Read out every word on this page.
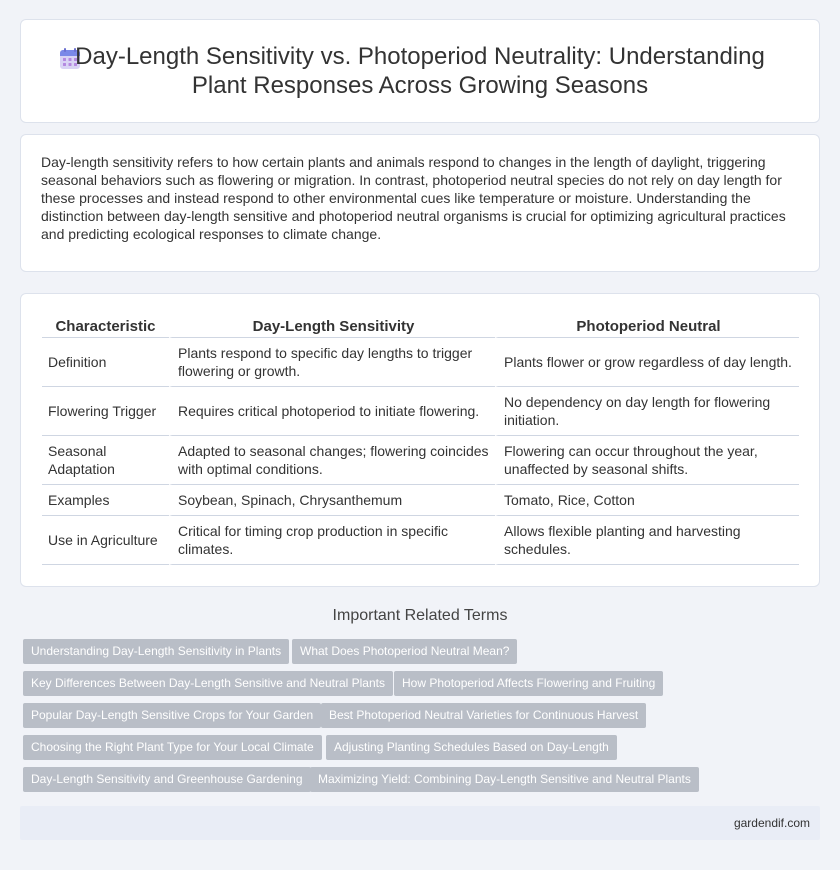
Day-Length Sensitivity vs. Photoperiod Neutrality: Understanding
Plant Responses Across Growing Seasons

Day-length sensitivity refers to how certain plants and animals respond to changes in the length of daylight, triggering seasonal behaviors such as flowering or migration. In contrast, photoperiod neutral species do not rely on day length for these processes and instead respond to other environmental cues like temperature or moisture. Understanding the distinction between day-length sensitive and photoperiod neutral organisms is crucial for optimizing agricultural practices and predicting ecological responses to climate change.

Characteristic	Day-Length Sensitivity	Photoperiod Neutral
Definition	Plants respond to specific day lengths to trigger flowering or growth.	Plants flower or grow regardless of day length.
Flowering Trigger	Requires critical photoperiod to initiate flowering.	No dependency on day length for flowering initiation.
Seasonal Adaptation	Adapted to seasonal changes; flowering coincides with optimal conditions.	Flowering can occur throughout the year, unaffected by seasonal shifts.
Examples	Soybean, Spinach, Chrysanthemum	Tomato, Rice, Cotton
Use in Agriculture	Critical for timing crop production in specific climates.	Allows flexible planting and harvesting schedules.
Important Related Terms
Understanding Day-Length Sensitivity in Plants	What Does Photoperiod Neutral Mean?
Key Differences Between Day-Length Sensitive and Neutral Plants	How Photoperiod Affects Flowering and Fruiting
Popular Day-Length Sensitive Crops for Your Garden	Best Photoperiod Neutral Varieties for Continuous Harvest
Choosing the Right Plant Type for Your Local Climate	Adjusting Planting Schedules Based on Day-Length
Day-Length Sensitivity and Greenhouse Gardening	Maximizing Yield: Combining Day-Length Sensitive and Neutral Plants
gardendif.com
